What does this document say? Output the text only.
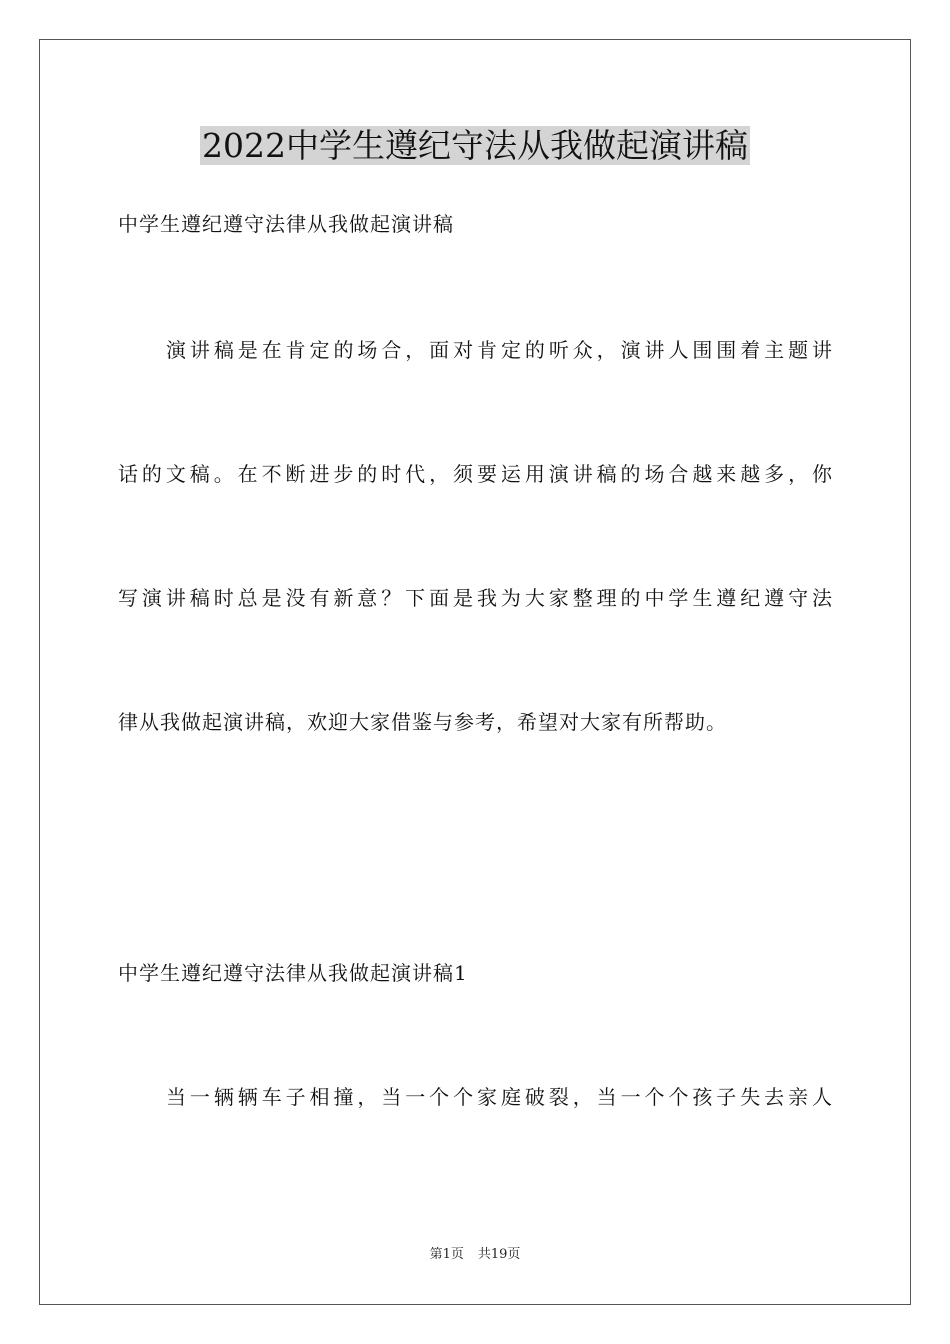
2022中学生遵纪守法从我做起演讲稿

中学生遵纪遵守法律从我做起演讲稿

演讲稿是在肯定的场合，面对肯定的听众，演讲人围围着主题讲

话的文稿。在不断进步的时代，须要运用演讲稿的场合越来越多，你

写演讲稿时总是没有新意？下面是我为大家整理的中学生遵纪遵守法

律从我做起演讲稿，欢迎大家借鉴与参考，希望对大家有所帮助。

中学生遵纪遵守法律从我做起演讲稿1

当一辆辆车子相撞，当一个个家庭破裂，当一个个孩子失去亲人

第1页 共19页
